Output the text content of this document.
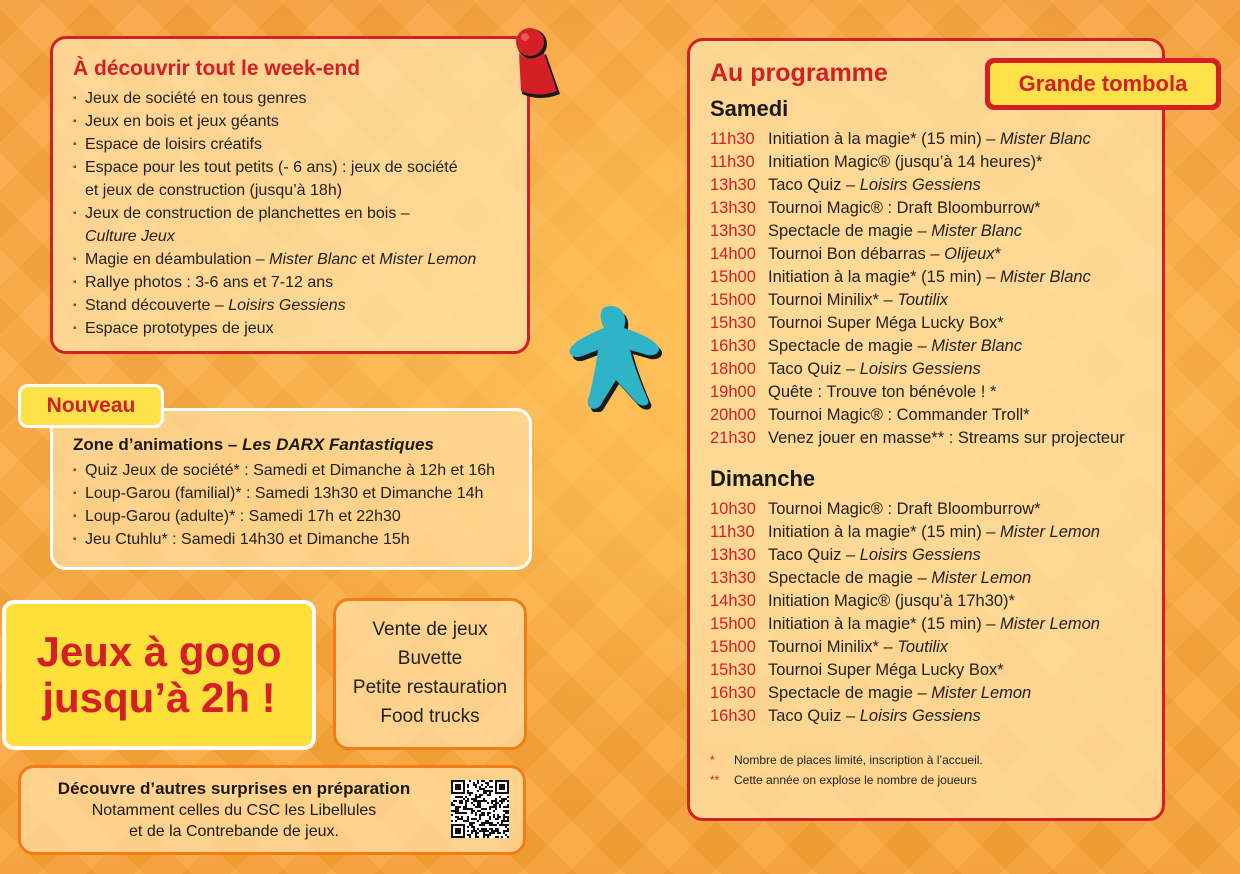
À découvrir tout le week-end
▪ Jeux de société en tous genres
▪ Jeux en bois et jeux géants
▪ Espace de loisirs créatifs
▪ Espace pour les tout petits (- 6 ans) : jeux de société
et jeux de construction (jusqu’à 18h)
▪ Jeux de construction de planchettes en bois –
Culture Jeux
▪ Magie en déambulation – Mister Blanc et Mister Lemon
▪ Rallye photos : 3-6 ans et 7-12 ans
▪ Stand découverte – Loisirs Gessiens
▪ Espace prototypes de jeux
Zone d’animations – Les DARX Fantastiques
▪ Quiz Jeux de société* : Samedi et Dimanche à 12h et 16h
▪ Loup-Garou (familial)* : Samedi 13h30 et Dimanche 14h
▪ Loup-Garou (adulte)* : Samedi 17h et 22h30
▪ Jeu Ctuhlu* : Samedi 14h30 et Dimanche 15h
Nouveau
Jeux à gogo
jusqu’à 2h !
Vente de jeux
Buvette
Petite restauration
Food trucks
Découvre d’autres surprises en préparation
Notamment celles du CSC les Libellules
et de la Contrebande de jeux.
Au programme
Samedi
11h30 Initiation à la magie* (15 min) – Mister Blanc
11h30 Initiation Magic® (jusqu’à 14 heures)*
13h30 Taco Quiz – Loisirs Gessiens
13h30 Tournoi Magic® : Draft Bloomburrow*
13h30 Spectacle de magie – Mister Blanc
14h00 Tournoi Bon débarras – Olijeux*
15h00 Initiation à la magie* (15 min) – Mister Blanc
15h00 Tournoi Minilix* – Toutilix
15h30 Tournoi Super Méga Lucky Box*
16h30 Spectacle de magie – Mister Blanc
18h00 Taco Quiz – Loisirs Gessiens
19h00 Quête : Trouve ton bénévole ! *
20h00 Tournoi Magic® : Commander Troll*
21h30 Venez jouer en masse** : Streams sur projecteur
Dimanche
10h30 Tournoi Magic® : Draft Bloomburrow*
11h30 Initiation à la magie* (15 min) – Mister Lemon
13h30 Taco Quiz – Loisirs Gessiens
13h30 Spectacle de magie – Mister Lemon
14h30 Initiation Magic® (jusqu’à 17h30)*
15h00 Initiation à la magie* (15 min) – Mister Lemon
15h00 Tournoi Minilix* – Toutilix
15h30 Tournoi Super Méga Lucky Box*
16h30 Spectacle de magie – Mister Lemon
16h30 Taco Quiz – Loisirs Gessiens
* Nombre de places limité, inscription à l’accueil.
** Cette année on explose le nombre de joueurs
Grande tombola
